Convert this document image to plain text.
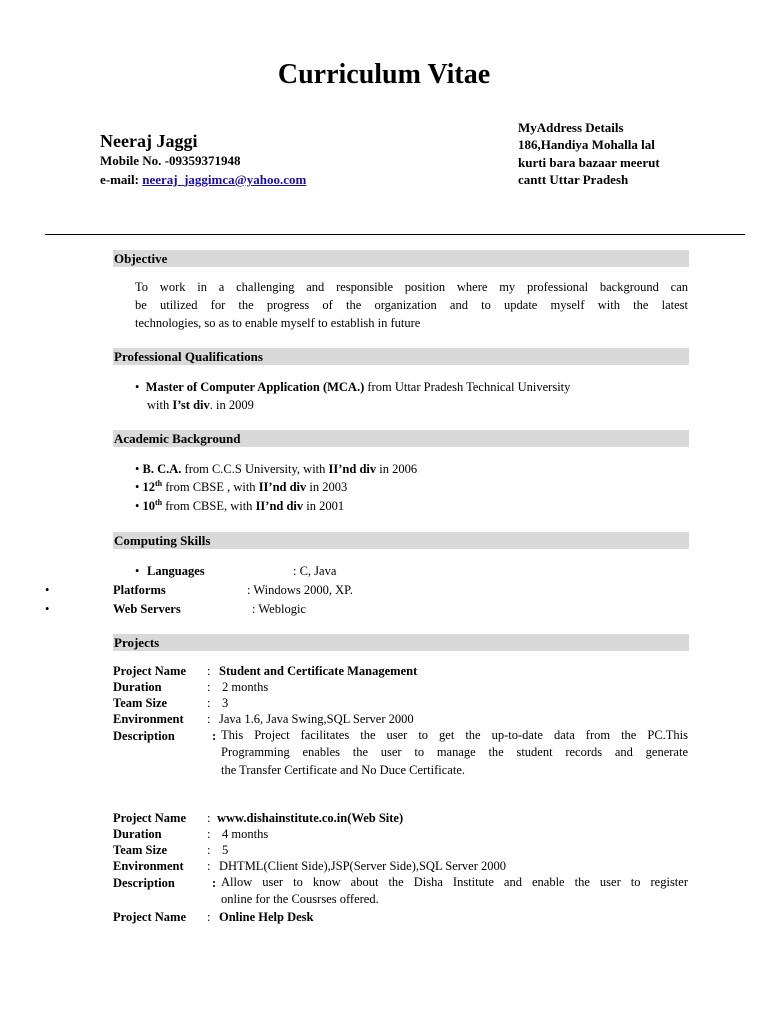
Curriculum Vitae
Neeraj Jaggi
Mobile No. -09359371948
e-mail: neeraj_jaggimca@yahoo.com
MyAddress Details
186,Handiya Mohalla lal
kurti bara bazaar meerut
cantt Uttar Pradesh
Objective
To work in a challenging and responsible position where my professional background can
be utilized for the progress of the organization and to update myself with the latest
technologies, so as to enable myself to establish in future
Professional Qualifications
• Master of Computer Application (MCA.) from Uttar Pradesh Technical University
with I’st div. in 2009
Academic Background
• B. C.A. from C.C.S University, with II’nd div in 2006
• 12th from CBSE , with II’nd div in 2003
• 10th from CBSE, with II’nd div in 2001
Computing Skills
• Languages	: C, Java
•	Platforms	: Windows 2000, XP.
•	Web Servers	: Weblogic
Projects
Project Name : Student and Certificate Management
Duration	: 2 months
Team Size	: 3
Environment : Java 1.6, Java Swing,SQL Server 2000
Description	: This Project facilitates the user to get the up-to-date data from the PC.This
Programming enables the user to manage the student records and generate
the Transfer Certificate and No Duce Certificate.
Project Name : www.dishainstitute.co.in(Web Site)
Duration	: 4 months
Team Size	: 5
Environment : DHTML(Client Side),JSP(Server Side),SQL Server 2000
Description	: Allow user to know about the Disha Institute and enable the user to register
online for the Cousrses offered.
Project Name : Online Help Desk
